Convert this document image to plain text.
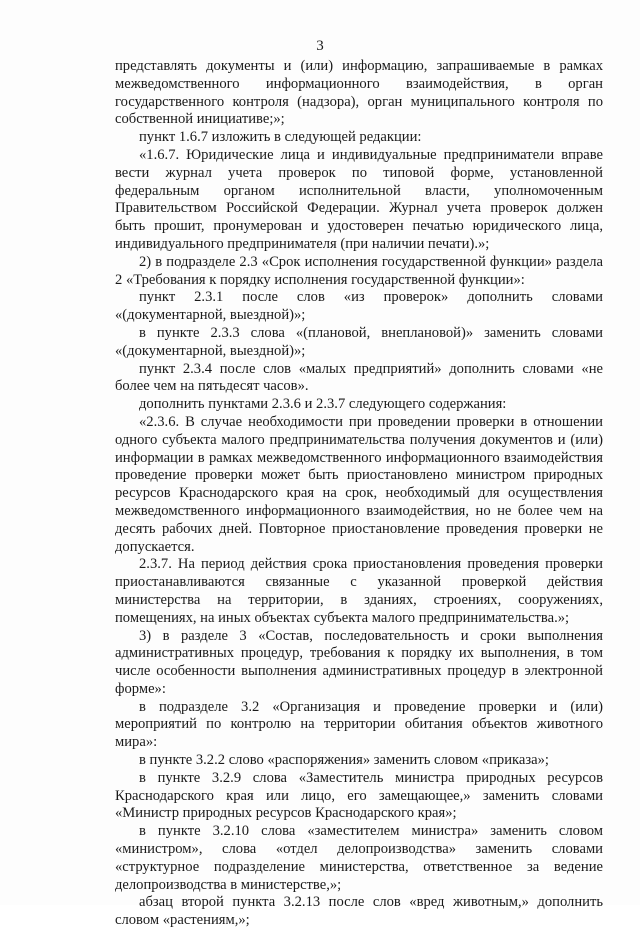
3

представлять документы и (или) информацию, запрашиваемые в рамках межведомственного информационного взаимодействия, в орган государственного контроля (надзора), орган муниципального контроля по собственной инициативе;»;

пункт 1.6.7 изложить в следующей редакции:

«1.6.7. Юридические лица и индивидуальные предприниматели вправе вести журнал учета проверок по типовой форме, установленной федеральным органом исполнительной власти, уполномоченным Правительством Российской Федерации. Журнал учета проверок должен быть прошит, пронумерован и удостоверен печатью юридического лица, индивидуального предпринимателя (при наличии печати).»;

2) в подразделе 2.3 «Срок исполнения государственной функции» раздела 2 «Требования к порядку исполнения государственной функции»:

пункт 2.3.1 после слов «из проверок» дополнить словами «(документарной, выездной)»;

в пункте 2.3.3 слова «(плановой, внеплановой)» заменить словами «(документарной, выездной)»;

пункт 2.3.4 после слов «малых предприятий» дополнить словами «не более чем на пятьдесят часов».

дополнить пунктами 2.3.6 и 2.3.7 следующего содержания:

«2.3.6. В случае необходимости при проведении проверки в отношении одного субъекта малого предпринимательства получения документов и (или) информации в рамках межведомственного информационного взаимодействия проведение проверки может быть приостановлено министром природных ресурсов Краснодарского края на срок, необходимый для осуществления межведомственного информационного взаимодействия, но не более чем на десять рабочих дней. Повторное приостановление проведения проверки не допускается.

2.3.7. На период действия срока приостановления проведения проверки приостанавливаются связанные с указанной проверкой действия министерства на территории, в зданиях, строениях, сооружениях, помещениях, на иных объектах субъекта малого предпринимательства.»;

3) в разделе 3 «Состав, последовательность и сроки выполнения административных процедур, требования к порядку их выполнения, в том числе особенности выполнения административных процедур в электронной форме»:

в подразделе 3.2 «Организация и проведение проверки и (или) мероприятий по контролю на территории обитания объектов животного мира»:

в пункте 3.2.2 слово «распоряжения» заменить словом «приказа»;

в пункте 3.2.9 слова «Заместитель министра природных ресурсов Краснодарского края или лицо, его замещающее,» заменить словами «Министр природных ресурсов Краснодарского края»;

в пункте 3.2.10 слова «заместителем министра» заменить словом «министром», слова «отдел делопроизводства» заменить словами «структурное подразделение министерства, ответственное за ведение делопроизводства в министерстве,»;

абзац второй пункта 3.2.13 после слов «вред животным,» дополнить словом «растениям,»;
